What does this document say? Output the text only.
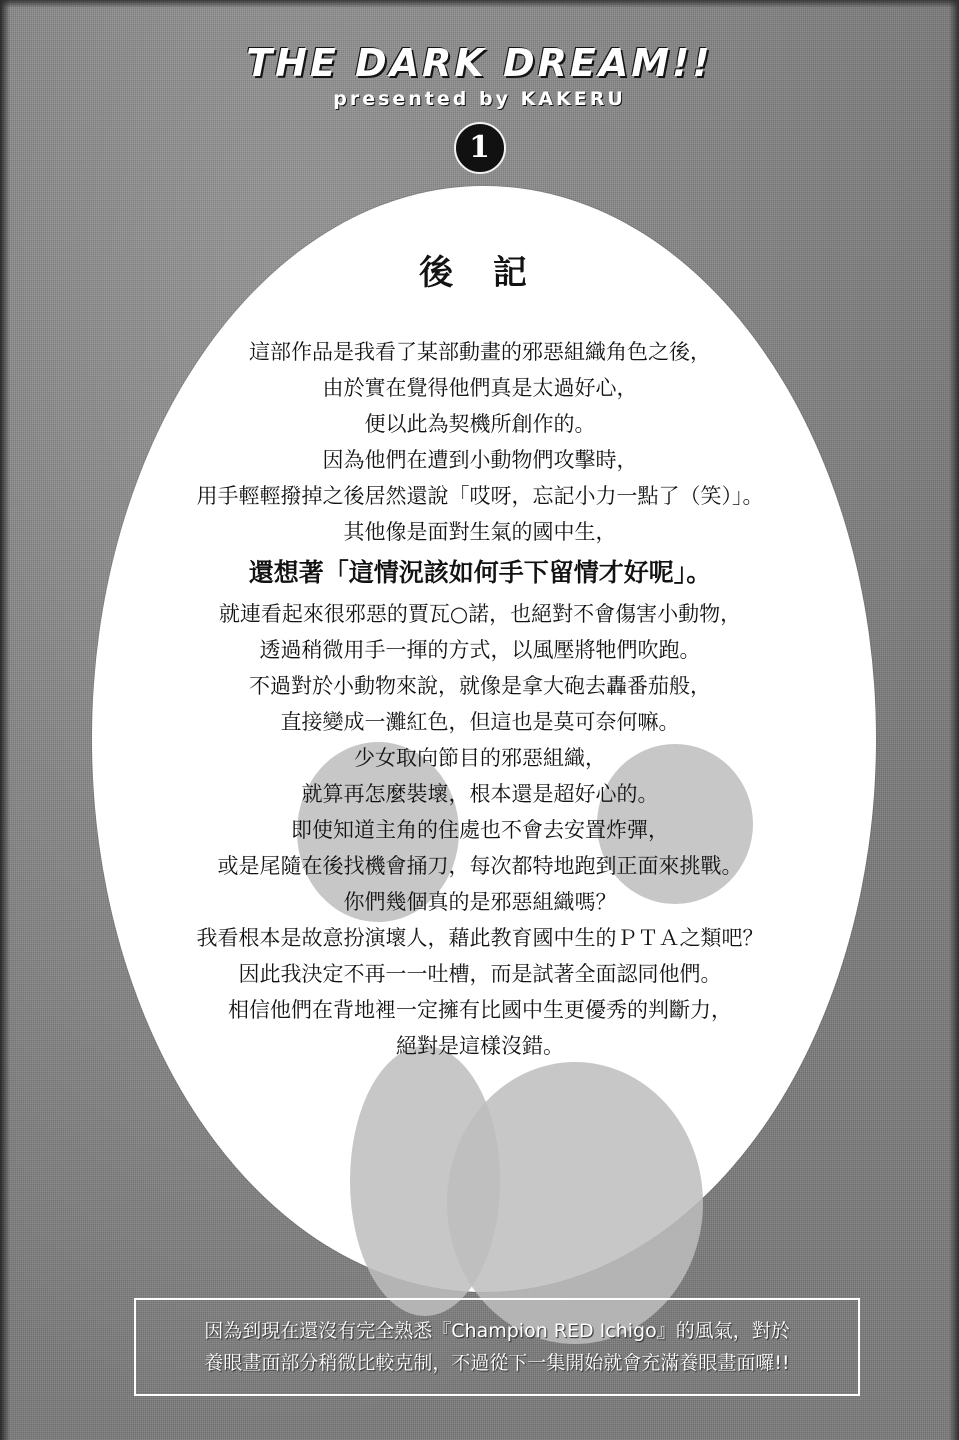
THE DARK DREAM!!
presented by KAKERU
1
後 記
這部作品是我看了某部動畫的邪惡組織角色之後，
由於實在覺得他們真是太過好心，
便以此為契機所創作的。
因為他們在遭到小動物們攻擊時，
用手輕輕撥掉之後居然還說「哎呀，忘記小力一點了（笑）」。
其他像是面對生氣的國中生，
還想著「這情況該如何手下留情才好呢」。
就連看起來很邪惡的賈瓦○諾，也絕對不會傷害小動物，
透過稍微用手一揮的方式，以風壓將牠們吹跑。
不過對於小動物來說，就像是拿大砲去轟番茄般，
直接變成一灘紅色，但這也是莫可奈何嘛。
少女取向節目的邪惡組織，
就算再怎麼裝壞，根本還是超好心的。
即使知道主角的住處也不會去安置炸彈，
或是尾隨在後找機會捅刀，每次都特地跑到正面來挑戰。
你們幾個真的是邪惡組織嗎？
我看根本是故意扮演壞人，藉此教育國中生的ＰＴＡ之類吧？
因此我決定不再一一吐槽，而是試著全面認同他們。
相信他們在背地裡一定擁有比國中生更優秀的判斷力，
絕對是這樣沒錯。
因為到現在還沒有完全熟悉『Champion RED Ichigo』的風氣，對於
養眼畫面部分稍微比較克制，不過從下一集開始就會充滿養眼畫面囉!!
